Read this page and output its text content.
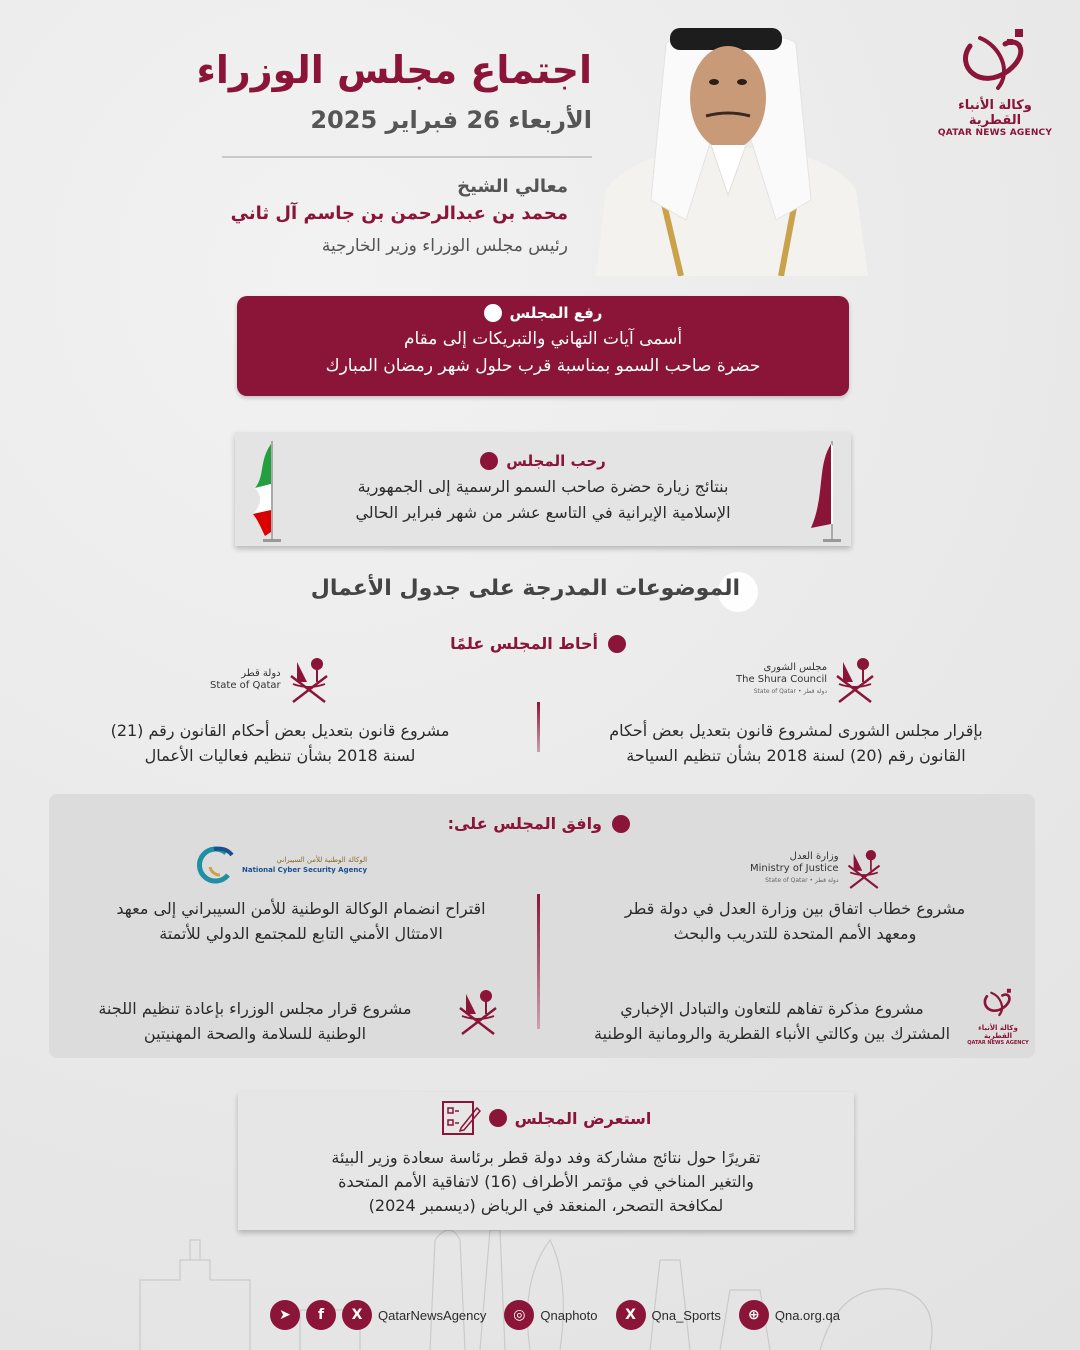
وكالة الأنباء القطرية
QATAR NEWS AGENCY
اجتماع مجلس الوزراء
الأربعاء 26 فبراير 2025
معالي الشيخ
محمد بن عبدالرحمن بن جاسم آل ثاني
رئيس مجلس الوزراء وزير الخارجية
رفع المجلس
أسمى آيات التهاني والتبريكات إلى مقام
حضرة صاحب السمو بمناسبة قرب حلول شهر رمضان المبارك
رحب المجلس
بنتائج زيارة حضرة صاحب السمو الرسمية إلى الجمهورية
الإسلامية الإيرانية في التاسع عشر من شهر فبراير الحالي
الموضوعات المدرجة على جدول الأعمال
أحاط المجلس علمًا
مجلس الشورى
The Shura Council
State of Qatar • دولة قطر
بإقرار مجلس الشورى لمشروع قانون بتعديل بعض أحكام
القانون رقم (20) لسنة 2018 بشأن تنظيم السياحة
دولة قطر
State of Qatar
مشروع قانون بتعديل بعض أحكام القانون رقم (21)
لسنة 2018 بشأن تنظيم فعاليات الأعمال
وافق المجلس على:
وزارة العدل
Ministry of Justice
State of Qatar • دولة قطر
مشروع خطاب اتفاق بين وزارة العدل في دولة قطر
ومعهد الأمم المتحدة للتدريب والبحث
الوكالة الوطنية للأمن السيبراني
National Cyber Security Agency
اقتراح انضمام الوكالة الوطنية للأمن السيبراني إلى معهد
الامتثال الأمني التابع للمجتمع الدولي للأتمتة
وكالة الأنباء القطرية
QATAR NEWS AGENCY
مشروع مذكرة تفاهم للتعاون والتبادل الإخباري
المشترك بين وكالتي الأنباء القطرية والرومانية الوطنية
مشروع قرار مجلس الوزراء بإعادة تنظيم اللجنة
الوطنية للسلامة والصحة المهنيتين
استعرض المجلس
تقريرًا حول نتائج مشاركة وفد دولة قطر برئاسة سعادة وزير البيئة
والتغير المناخي في مؤتمر الأطراف (16) لاتفاقية الأمم المتحدة
لمكافحة التصحر، المنعقد في الرياض (ديسمبر 2024)
➤	f	X	QatarNewsAgency	◎	Qnaphoto	X	Qna_Sports	⊕	Qna.org.qa
